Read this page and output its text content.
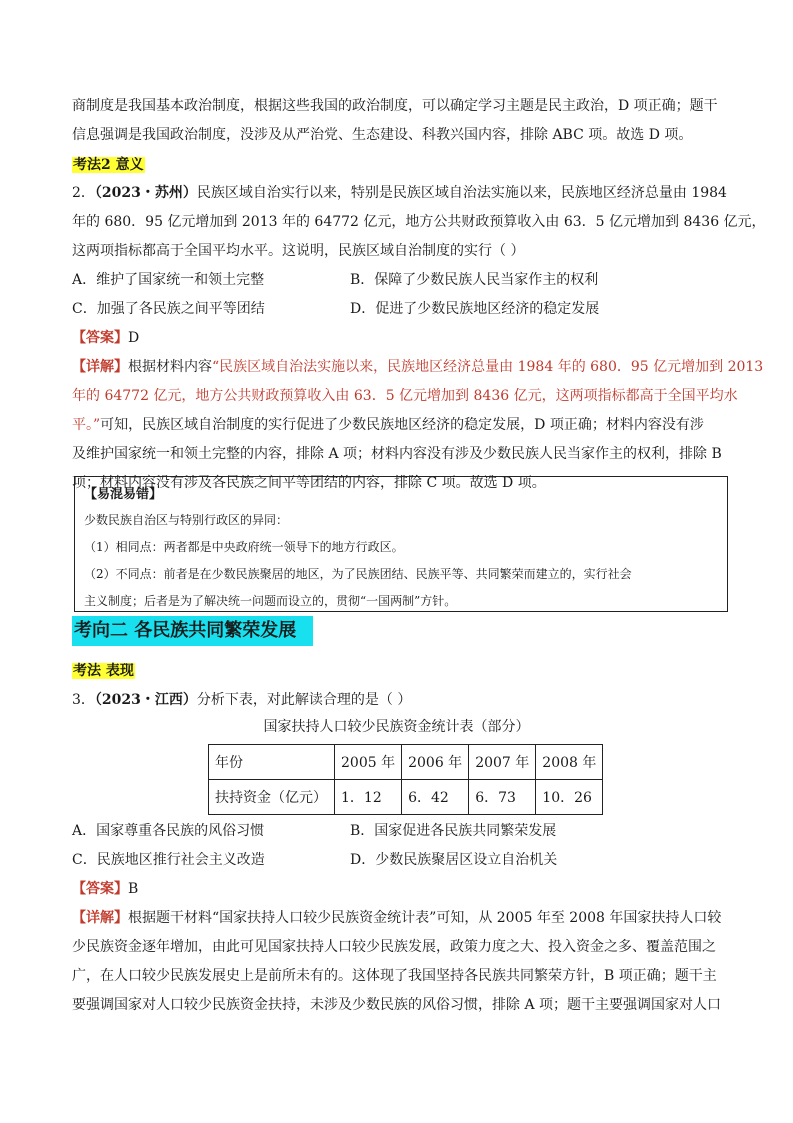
商制度是我国基本政治制度，根据这些我国的政治制度，可以确定学习主题是民主政治，D 项正确；题干
信息强调是我国政治制度，没涉及从严治党、生态建设、科教兴国内容，排除 ABC 项。故选 D 项。
考法2 意义
2．（2023・苏州）民族区域自治实行以来，特别是民族区域自治法实施以来，民族地区经济总量由 1984
年的 680．95 亿元增加到 2013 年的 64772 亿元，地方公共财政预算收入由 63．5 亿元增加到 8436 亿元，
这两项指标都高于全国平均水平。这说明，民族区域自治制度的实行（ ）
A．维护了国家统一和领土完整	B．保障了少数民族人民当家作主的权利
C．加强了各民族之间平等团结	D．促进了少数民族地区经济的稳定发展
【答案】D
【详解】根据材料内容“民族区域自治法实施以来，民族地区经济总量由 1984 年的 680．95 亿元增加到 2013
年的 64772 亿元，地方公共财政预算收入由 63．5 亿元增加到 8436 亿元，这两项指标都高于全国平均水
平。”可知，民族区域自治制度的实行促进了少数民族地区经济的稳定发展，D 项正确；材料内容没有涉
及维护国家统一和领土完整的内容，排除 A 项；材料内容没有涉及少数民族人民当家作主的权利，排除 B
项；材料内容没有涉及各民族之间平等团结的内容，排除 C 项。故选 D 项。
【易混易错】
少数民族自治区与特别行政区的异同：
（1）相同点：两者都是中央政府统一领导下的地方行政区。
（2）不同点：前者是在少数民族聚居的地区，为了民族团结、民族平等、共同繁荣而建立的，实行社会
主义制度；后者是为了解决统一问题而设立的，贯彻“一国两制”方针。
考向二 各民族共同繁荣发展
考法 表现
3．（2023・江西）分析下表，对此解读合理的是（ ）
国家扶持人口较少民族资金统计表（部分）
年份	2005 年	2006 年	2007 年	2008 年
扶持资金（亿元）	1．12	6．42	6．73	10．26
A．国家尊重各民族的风俗习惯	B．国家促进各民族共同繁荣发展
C．民族地区推行社会主义改造	D．少数民族聚居区设立自治机关
【答案】B
【详解】根据题干材料“国家扶持人口较少民族资金统计表”可知，从 2005 年至 2008 年国家扶持人口较
少民族资金逐年增加，由此可见国家扶持人口较少民族发展，政策力度之大、投入资金之多、覆盖范围之
广，在人口较少民族发展史上是前所未有的。这体现了我国坚持各民族共同繁荣方针，B 项正确；题干主
要强调国家对人口较少民族资金扶持，未涉及少数民族的风俗习惯，排除 A 项；题干主要强调国家对人口
